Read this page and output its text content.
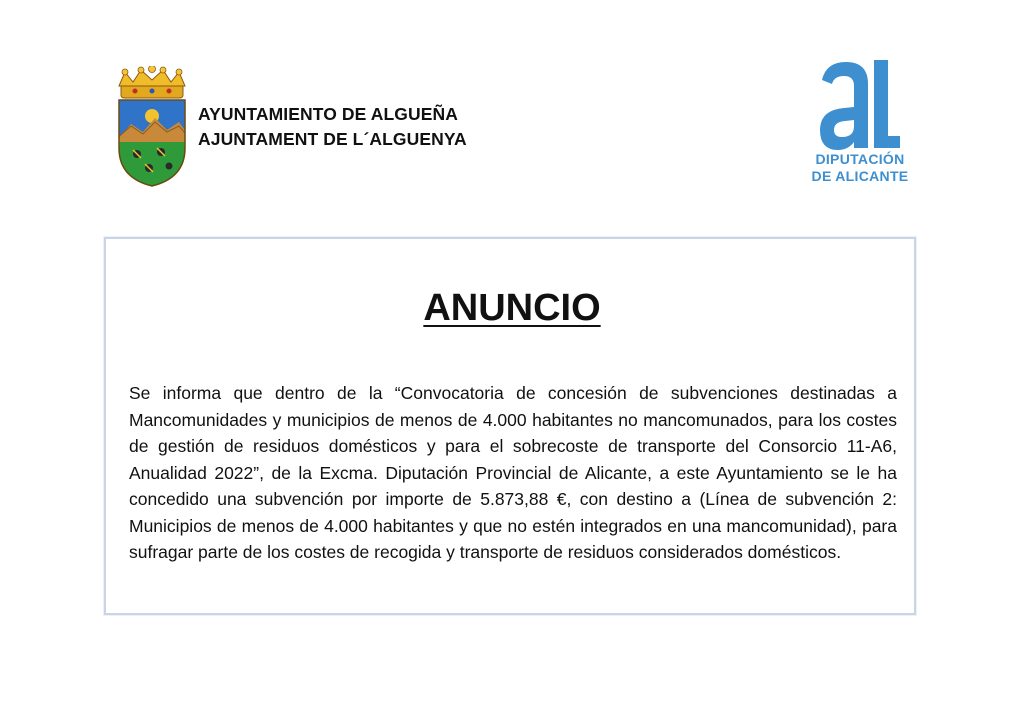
AYUNTAMIENTO DE ALGUEÑA
AJUNTAMENT DE L´ALGUENYA
DIPUTACIÓN
DE ALICANTE
ANUNCIO
Se informa que dentro de la “Convocatoria de concesión de subvenciones destinadas a Mancomunidades y municipios de menos de 4.000 habitantes no mancomunados, para los costes de gestión de residuos domésticos y para el sobrecoste de transporte del Consorcio 11-A6, Anualidad 2022”, de la Excma. Diputación Provincial de Alicante, a este Ayuntamiento se le ha concedido una subvención por importe de 5.873,88 €, con destino a (Línea de subvención 2: Municipios de menos de 4.000 habitantes y que no estén integrados en una mancomunidad), para sufragar parte de los costes de recogida y transporte de residuos considerados domésticos.
